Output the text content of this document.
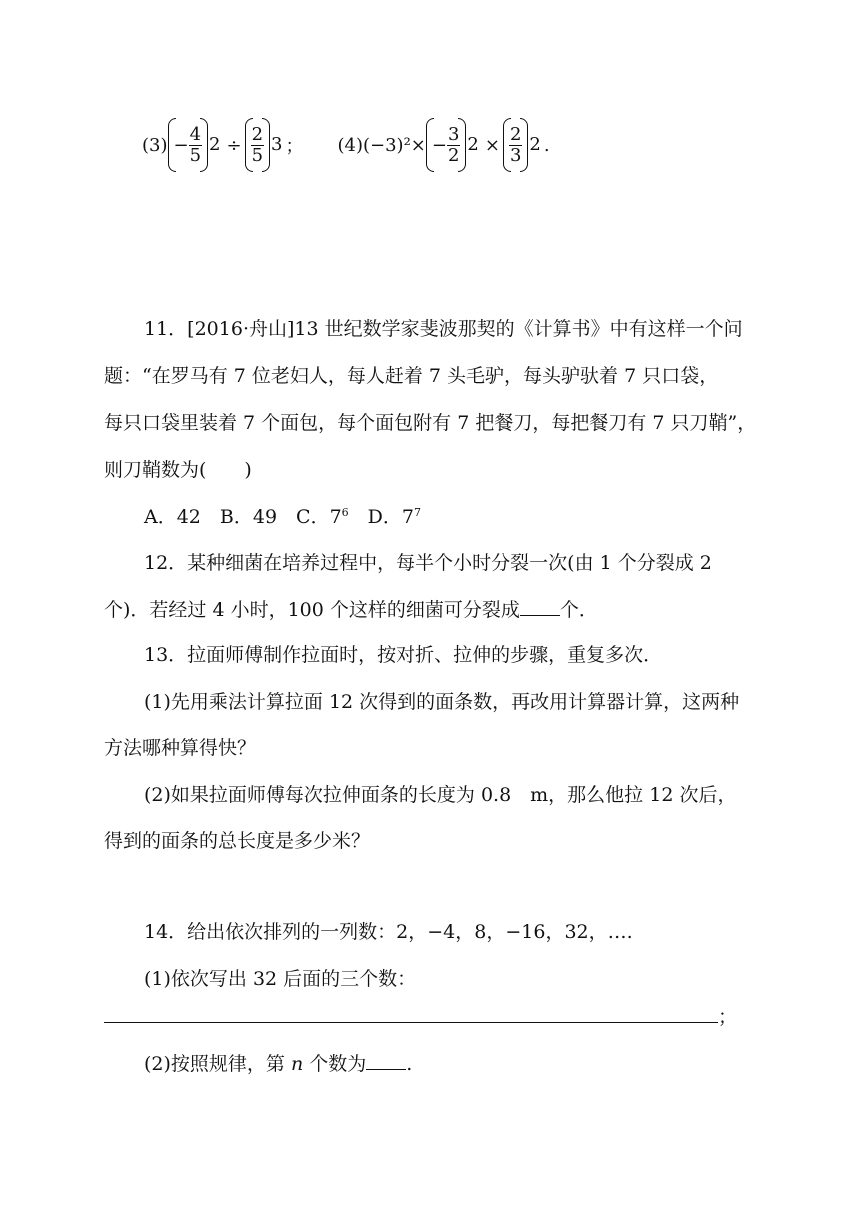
$(3) - \frac{4}{5} 2 \div \frac{2}{5} 3$ ； $(4)(-3)^2\times - \frac{3}{2} 2 \times \frac{2}{3} 2$ .
11．[2016·舟山]13 世纪数学家斐波那契的《计算书》中有这样一个问
题：“在罗马有 7 位老妇人，每人赶着 7 头毛驴，每头驴驮着 7 只口袋，
每只口袋里装着 7 个面包，每个面包附有 7 把餐刀，每把餐刀有 7 只刀鞘”，
则刀鞘数为(　　)
A．42　B．49　C．$7^6$　D．$7^7$
12．某种细菌在培养过程中，每半个小时分裂一次(由 1 个分裂成 2
个)．若经过 4 小时，100 个这样的细菌可分裂成 个．
13．拉面师傅制作拉面时，按对折、拉伸的步骤，重复多次．
(1)先用乘法计算拉面 12 次得到的面条数，再改用计算器计算，这两种
方法哪种算得快？
(2)如果拉面师傅每次拉伸面条的长度为 0.8　m，那么他拉 12 次后，
得到的面条的总长度是多少米？
14．给出依次排列的一列数：2，−4，8，−16，32，….
(1)依次写出 32 后面的三个数：
；
(2)按照规律，第 n 个数为 .
